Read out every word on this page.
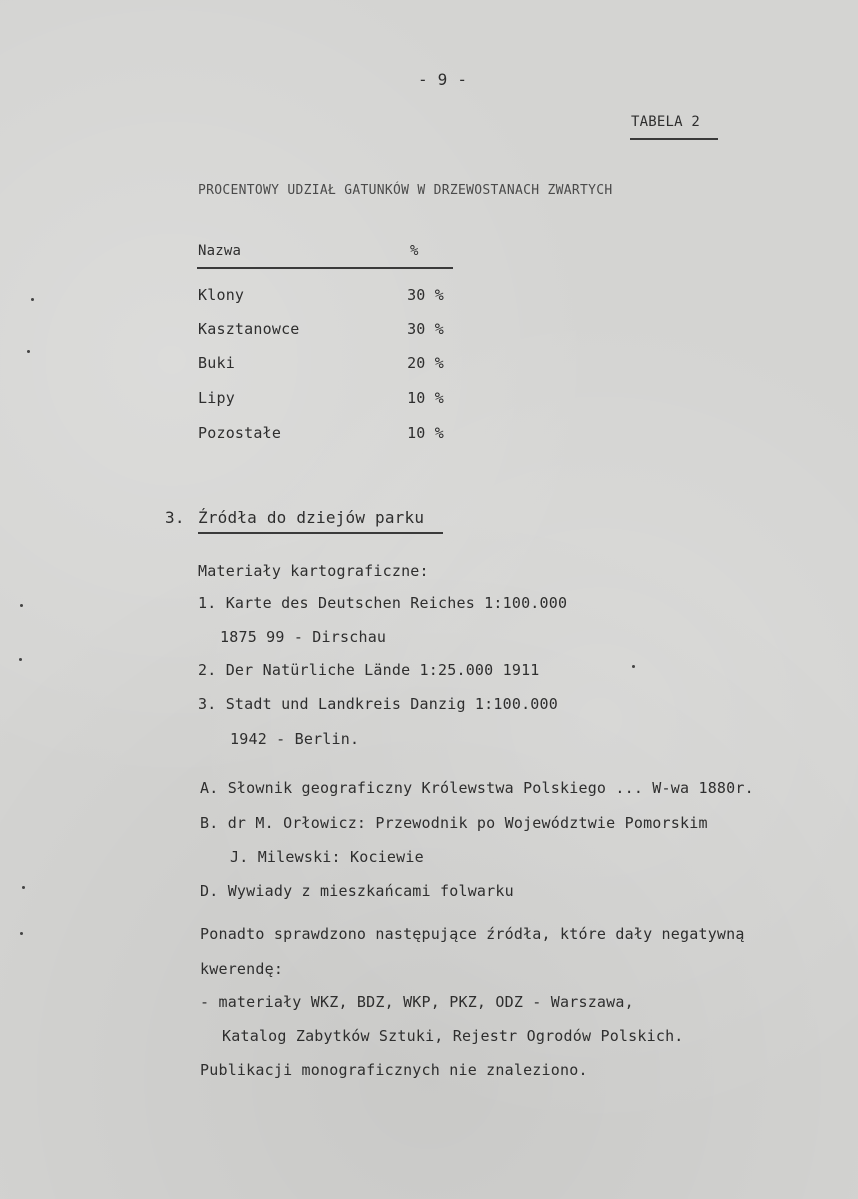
- 9 -
TABELA 2
PROCENTOWY UDZIAŁ GATUNKÓW W DRZEWOSTANACH ZWARTYCH
Nazwa	%
Klony	30 %
Kasztanowce	30 %
Buki	20 %
Lipy	10 %
Pozostałe	10 %
3. Źródła do dziejów parku
Materiały kartograficzne:
1. Karte des Deutschen Reiches 1:100.000
1875 99 - Dirschau
2. Der Natürliche Lände 1:25.000 1911
3. Stadt und Landkreis Danzig 1:100.000
1942 - Berlin.
A. Słownik geograficzny Królewstwa Polskiego ... W-wa 1880r.
B. dr M. Orłowicz: Przewodnik po Województwie Pomorskim
J. Milewski: Kociewie
D. Wywiady z mieszkańcami folwarku
Ponadto sprawdzono następujące źródła, które dały negatywną
kwerendę:
- materiały WKZ, BDZ, WKP, PKZ, ODZ - Warszawa,
Katalog Zabytków Sztuki, Rejestr Ogrodów Polskich.
Publikacji monograficznych nie znaleziono.
